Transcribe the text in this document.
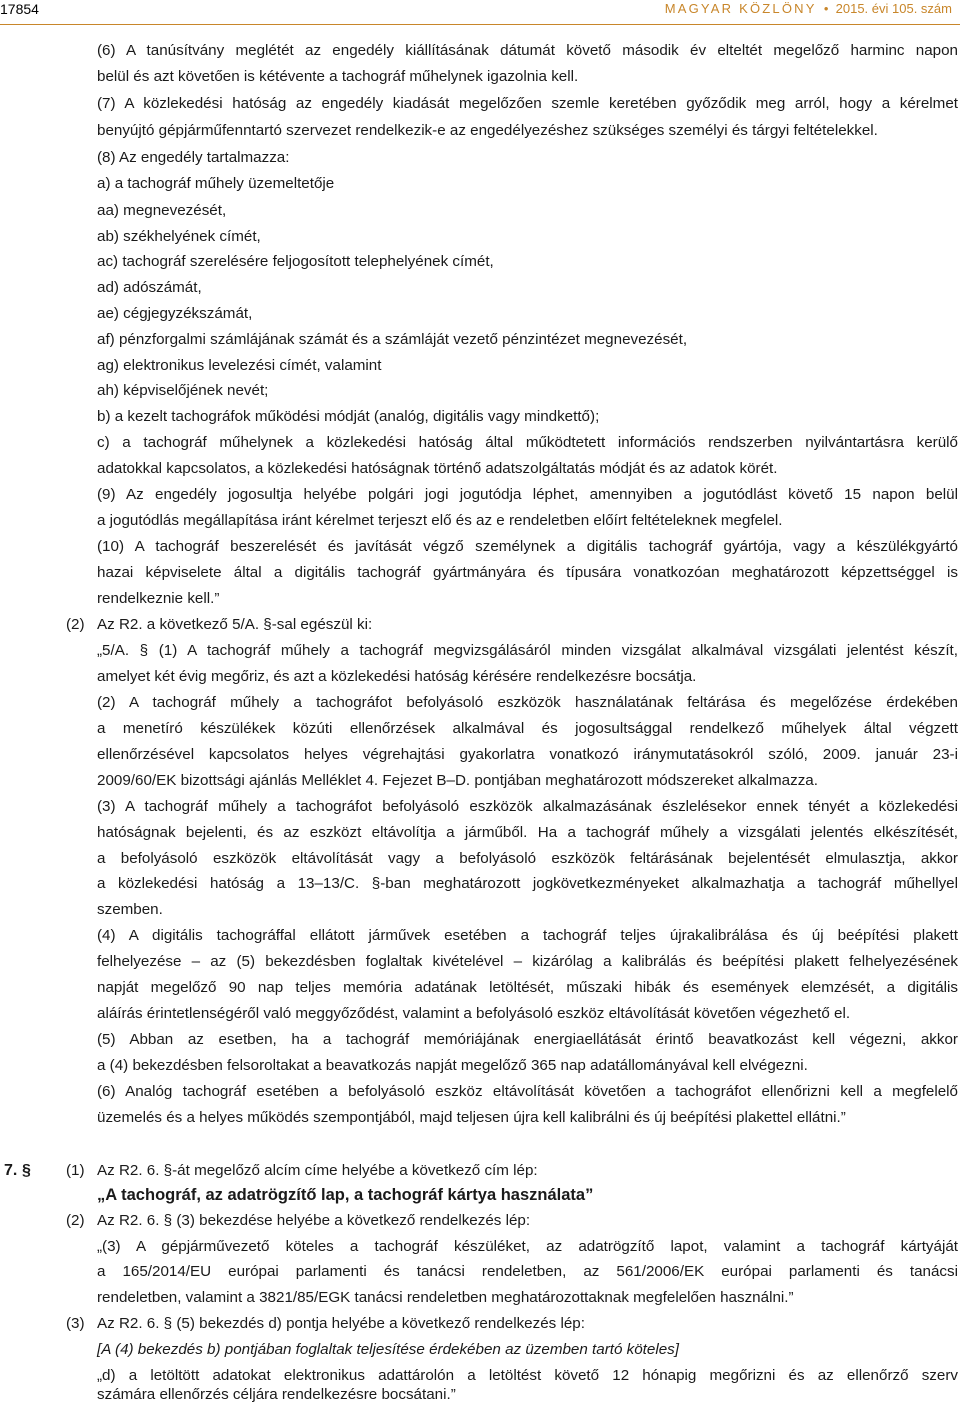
17854	MAGYAR KÖZLÖNY • 2015. évi 105. szám
(6) A tanúsítvány meglétét az engedély kiállításának dátumát követő második év elteltét megelőző harminc napon
belül és azt követően is kétévente a tachográf műhelynek igazolnia kell.
(7) A közlekedési hatóság az engedély kiadását megelőzően szemle keretében győződik meg arról, hogy a kérelmet
benyújtó gépjárműfenntartó szervezet rendelkezik-e az engedélyezéshez szükséges személyi és tárgyi feltételekkel.
(8) Az engedély tartalmazza:
a) a tachográf műhely üzemeltetője
aa) megnevezését,
ab) székhelyének címét,
ac) tachográf szerelésére feljogosított telephelyének címét,
ad) adószámát,
ae) cégjegyzékszámát,
af) pénzforgalmi számlájának számát és a számláját vezető pénzintézet megnevezését,
ag) elektronikus levelezési címét, valamint
ah) képviselőjének nevét;
b) a kezelt tachográfok működési módját (analóg, digitális vagy mindkettő);
c) a tachográf műhelynek a közlekedési hatóság által működtetett információs rendszerben nyilvántartásra kerülő
adatokkal kapcsolatos, a közlekedési hatóságnak történő adatszolgáltatás módját és az adatok körét.
(9) Az engedély jogosultja helyébe polgári jogi jogutódja léphet, amennyiben a jogutódlást követő 15 napon belül
a jogutódlás megállapítása iránt kérelmet terjeszt elő és az e rendeletben előírt feltételeknek megfelel.
(10) A tachográf beszerelését és javítását végző személynek a digitális tachográf gyártója, vagy a készülékgyártó
hazai képviselete által a digitális tachográf gyártmányára és típusára vonatkozóan meghatározott képzettséggel is
rendelkeznie kell.”
(2) Az R2. a következő 5/A. §-sal egészül ki:
„5/A. § (1) A tachográf műhely a tachográf megvizsgálásáról minden vizsgálat alkalmával vizsgálati jelentést készít,
amelyet két évig megőriz, és azt a közlekedési hatóság kérésére rendelkezésre bocsátja.
(2) A tachográf műhely a tachográfot befolyásoló eszközök használatának feltárása és megelőzése érdekében
a menetíró készülékek közúti ellenőrzések alkalmával és jogosultsággal rendelkező műhelyek által végzett
ellenőrzésével kapcsolatos helyes végrehajtási gyakorlatra vonatkozó iránymutatásokról szóló, 2009. január 23-i
2009/60/EK bizottsági ajánlás Melléklet 4. Fejezet B–D. pontjában meghatározott módszereket alkalmazza.
(3) A tachográf műhely a tachográfot befolyásoló eszközök alkalmazásának észlelésekor ennek tényét a közlekedési
hatóságnak bejelenti, és az eszközt eltávolítja a járműből. Ha a tachográf műhely a vizsgálati jelentés elkészítését,
a befolyásoló eszközök eltávolítását vagy a befolyásoló eszközök feltárásának bejelentését elmulasztja, akkor
a közlekedési hatóság a 13–13/C. §-ban meghatározott jogkövetkezményeket alkalmazhatja a tachográf műhellyel
szemben.
(4) A digitális tachográffal ellátott járművek esetében a tachográf teljes újrakalibrálása és új beépítési plakett
felhelyezése – az (5) bekezdésben foglaltak kivételével – kizárólag a kalibrálás és beépítési plakett felhelyezésének
napját megelőző 90 nap teljes memória adatának letöltését, műszaki hibák és események elemzését, a digitális
aláírás érintetlenségéről való meggyőződést, valamint a befolyásoló eszköz eltávolítását követően végezhető el.
(5) Abban az esetben, ha a tachográf memóriájának energiaellátását érintő beavatkozást kell végezni, akkor
a (4) bekezdésben felsoroltakat a beavatkozás napját megelőző 365 nap adatállományával kell elvégezni.
(6) Analóg tachográf esetében a befolyásoló eszköz eltávolítását követően a tachográfot ellenőrizni kell a megfelelő
üzemelés és a helyes működés szempontjából, majd teljesen újra kell kalibrálni és új beépítési plakettel ellátni.”
7. § (1) Az R2. 6. §-át megelőző alcím címe helyébe a következő cím lép:
„A tachográf, az adatrögzítő lap, a tachográf kártya használata”
(2) Az R2. 6. § (3) bekezdése helyébe a következő rendelkezés lép:
„(3) A gépjárművezető köteles a tachográf készüléket, az adatrögzítő lapot, valamint a tachográf kártyáját
a 165/2014/EU európai parlamenti és tanácsi rendeletben, az 561/2006/EK európai parlamenti és tanácsi
rendeletben, valamint a 3821/85/EGK tanácsi rendeletben meghatározottaknak megfelelően használni.”
(3) Az R2. 6. § (5) bekezdés d) pontja helyébe a következő rendelkezés lép:
[A (4) bekezdés b) pontjában foglaltak teljesítése érdekében az üzemben tartó köteles]
„d) a letöltött adatokat elektronikus adattárolón a letöltést követő 12 hónapig megőrizni és az ellenőrző szerv
számára ellenőrzés céljára rendelkezésre bocsátani.”
